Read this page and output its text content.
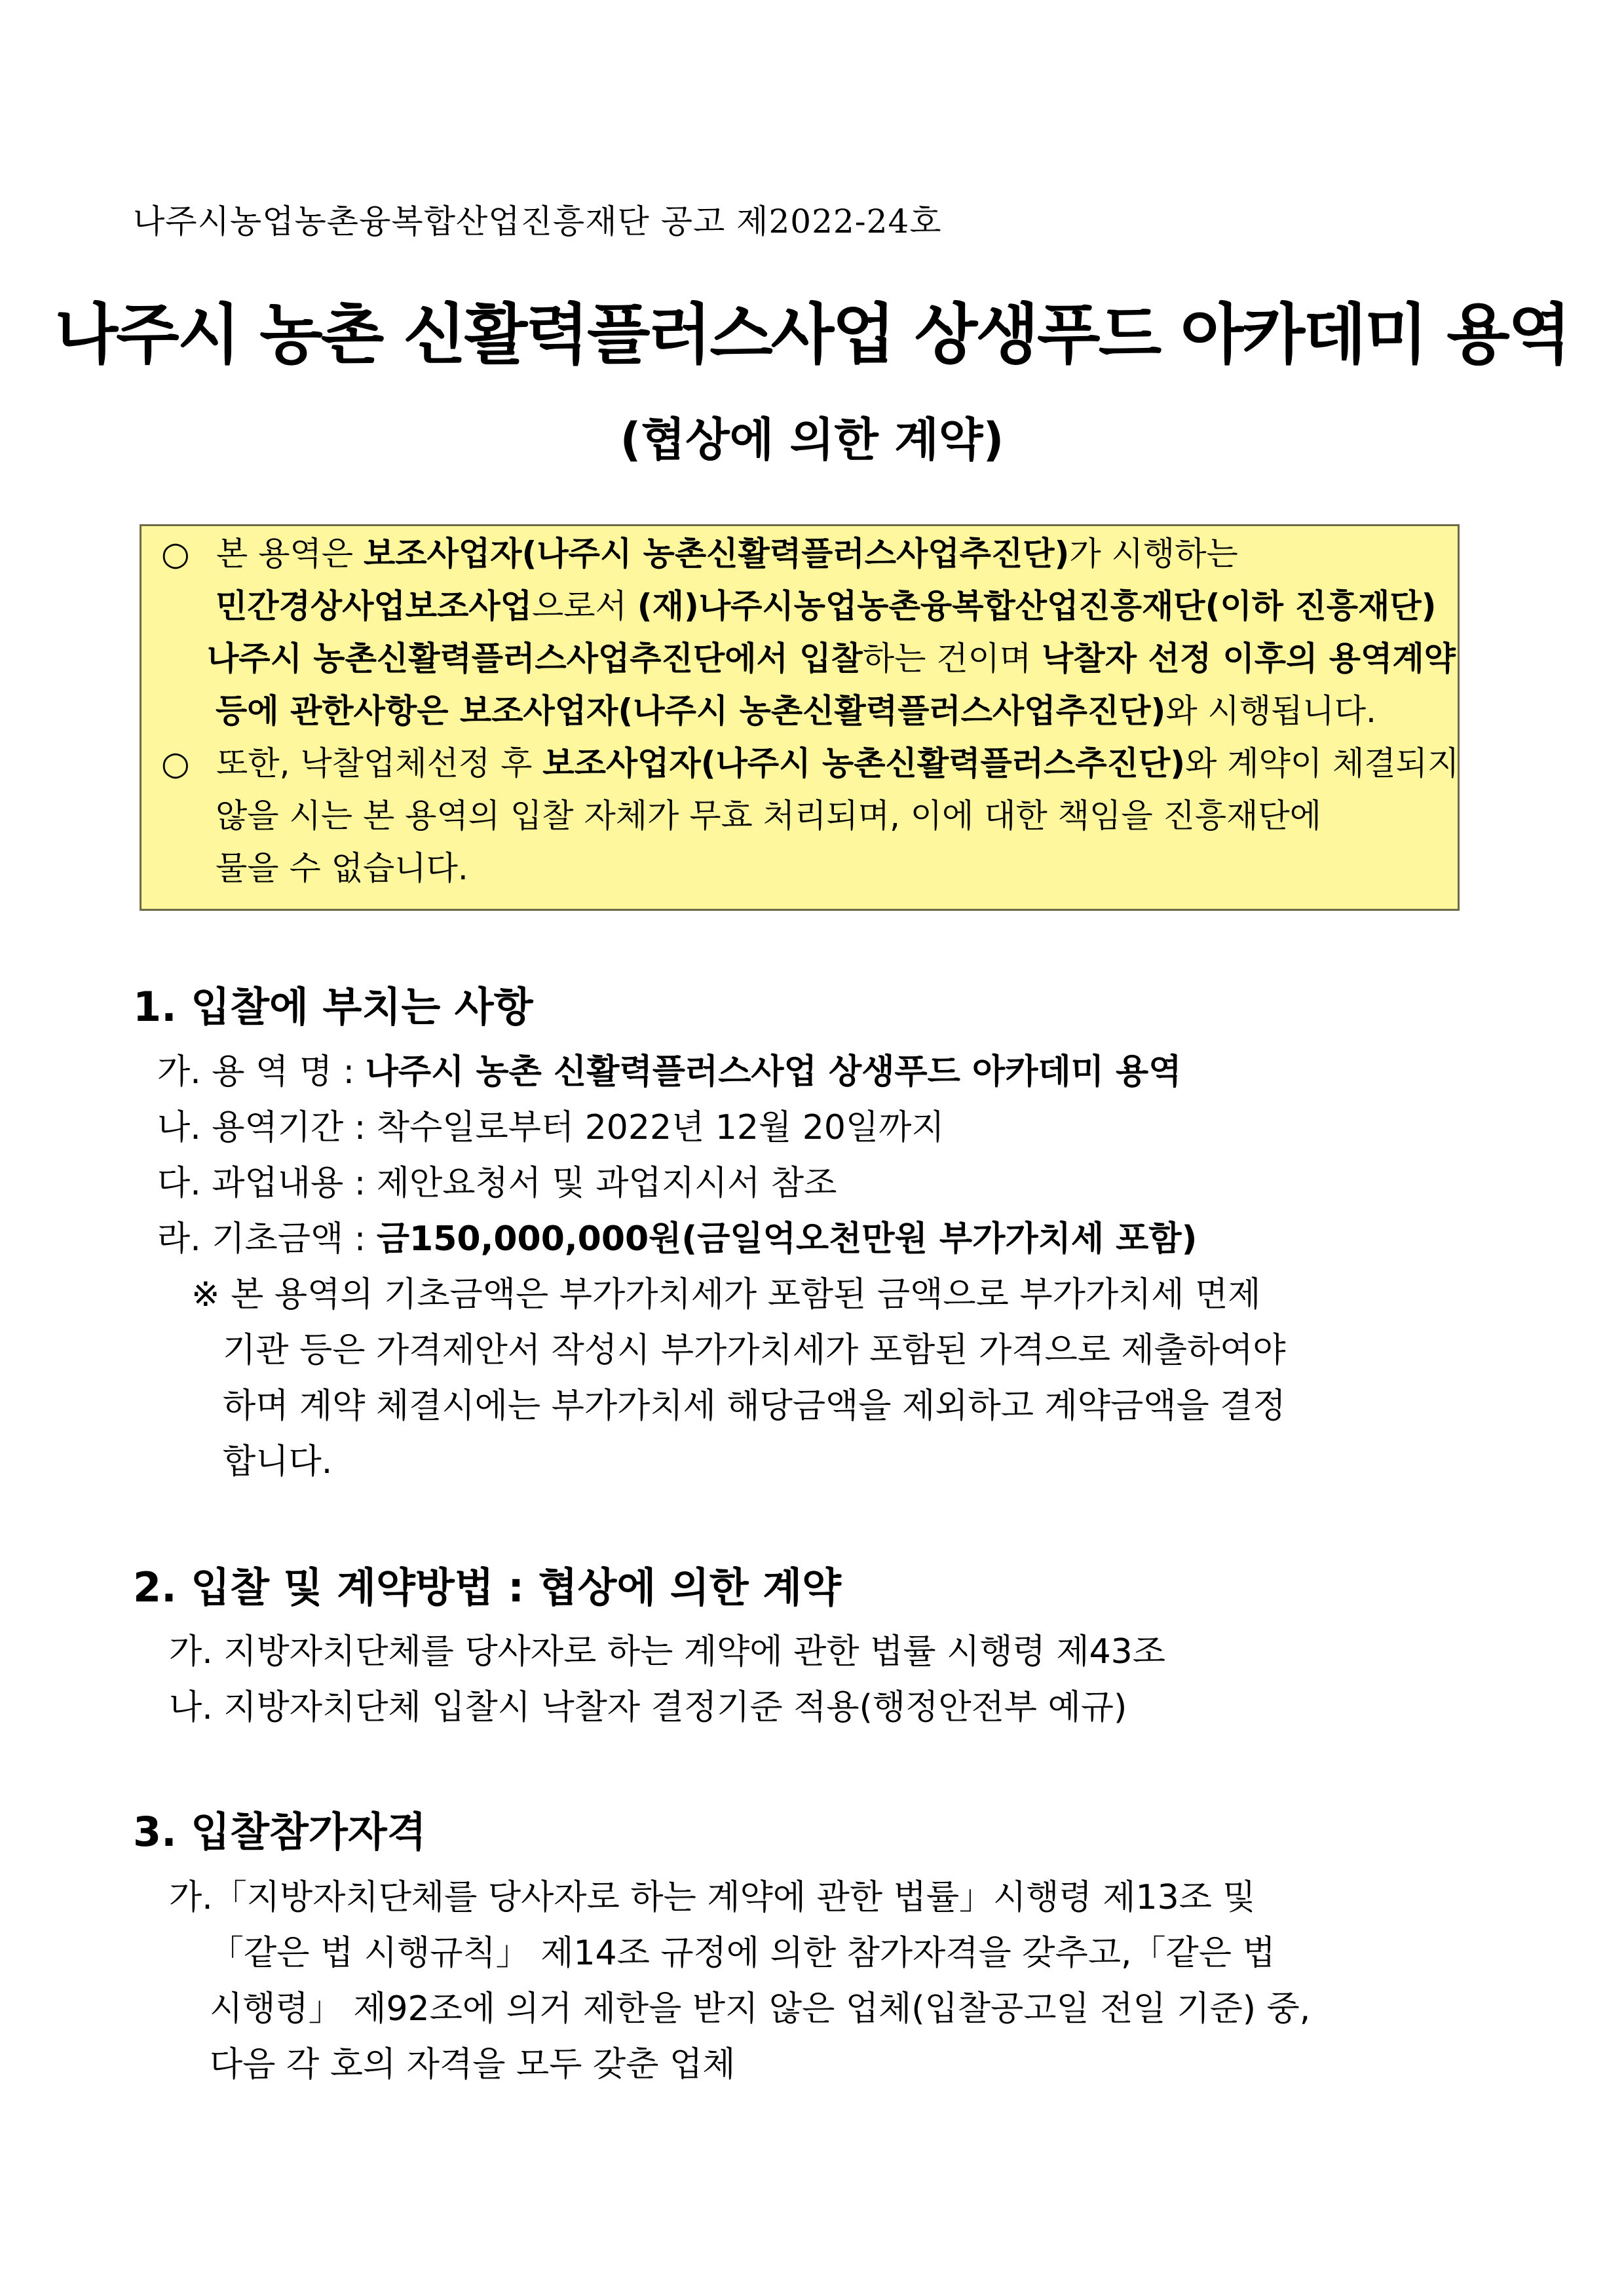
나주시농업농촌융복합산업진흥재단 공고 제2022-24호
나주시 농촌 신활력플러스사업 상생푸드 아카데미 용역
(협상에 의한 계약)
○ 본 용역은 보조사업자(나주시 농촌신활력플러스사업추진단)가 시행하는
민간경상사업보조사업으로서 (재)나주시농업농촌융복합산업진흥재단(이하 진흥재단)
나주시 농촌신활력플러스사업추진단에서 입찰하는 건이며 낙찰자 선정 이후의 용역계약
등에 관한사항은 보조사업자(나주시 농촌신활력플러스사업추진단)와 시행됩니다.
○ 또한, 낙찰업체선정 후 보조사업자(나주시 농촌신활력플러스추진단)와 계약이 체결되지
않을 시는 본 용역의 입찰 자체가 무효 처리되며, 이에 대한 책임을 진흥재단에
물을 수 없습니다.
1. 입찰에 부치는 사항
가. 용 역 명 : 나주시 농촌 신활력플러스사업 상생푸드 아카데미 용역
나. 용역기간 : 착수일로부터 2022년 12월 20일까지
다. 과업내용 : 제안요청서 및 과업지시서 참조
라. 기초금액 : 금150,000,000원(금일억오천만원 부가가치세 포함)
※ 본 용역의 기초금액은 부가가치세가 포함된 금액으로 부가가치세 면제
기관 등은 가격제안서 작성시 부가가치세가 포함된 가격으로 제출하여야
하며 계약 체결시에는 부가가치세 해당금액을 제외하고 계약금액을 결정
합니다.
2. 입찰 및 계약방법 : 협상에 의한 계약
가. 지방자치단체를 당사자로 하는 계약에 관한 법률 시행령 제43조
나. 지방자치단체 입찰시 낙찰자 결정기준 적용(행정안전부 예규)
3. 입찰참가자격
가.「지방자치단체를 당사자로 하는 계약에 관한 법률」시행령 제13조 및
「같은 법 시행규칙」 제14조 규정에 의한 참가자격을 갖추고,「같은 법
시행령」 제92조에 의거 제한을 받지 않은 업체(입찰공고일 전일 기준) 중,
다음 각 호의 자격을 모두 갖춘 업체
